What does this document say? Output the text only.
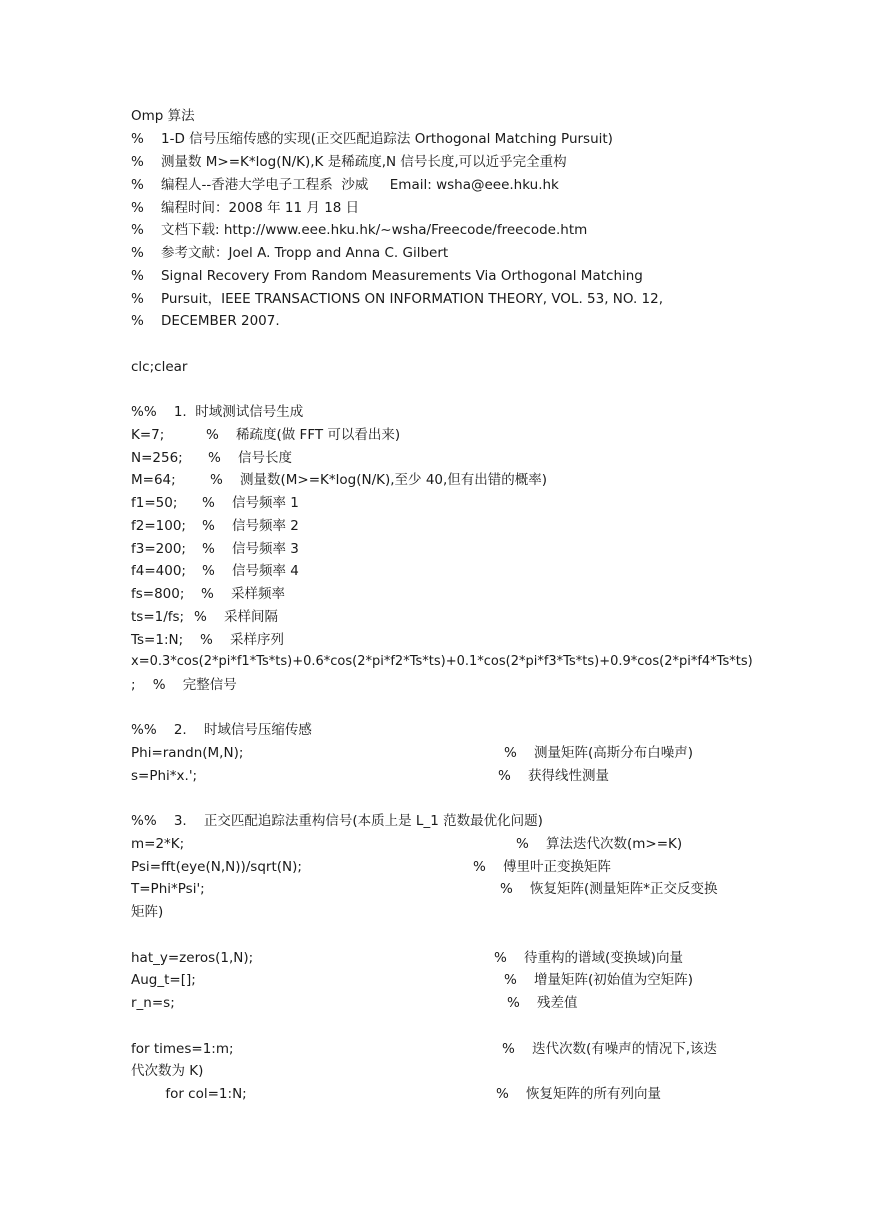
Omp 算法
%    1-D 信号压缩传感的实现(正交匹配追踪法 Orthogonal Matching Pursuit)
%    测量数 M>=K*log(N/K),K 是稀疏度,N 信号长度,可以近乎完全重构
%    编程人--香港大学电子工程系  沙威     Email: wsha@eee.hku.hk
%    编程时间：2008 年 11 月 18 日
%    文档下载: http://www.eee.hku.hk/~wsha/Freecode/freecode.htm
%    参考文献：Joel A. Tropp and Anna C. Gilbert
%    Signal Recovery From Random Measurements Via Orthogonal Matching
%    Pursuit，IEEE TRANSACTIONS ON INFORMATION THEORY, VOL. 53, NO. 12,
%    DECEMBER 2007.
clc;clear
%%    1.  时域测试信号生成
K=7;	%    稀疏度(做 FFT 可以看出来)
N=256; %    信号长度
M=64;	%    测量数(M>=K*log(N/K),至少 40,但有出错的概率)
f1=50; %    信号频率 1
f2=100; %    信号频率 2
f3=200; %    信号频率 3
f4=400; %    信号频率 4
fs=800; %    采样频率
ts=1/fs; %    采样间隔
Ts=1:N; %    采样序列
x=0.3*cos(2*pi*f1*Ts*ts)+0.6*cos(2*pi*f2*Ts*ts)+0.1*cos(2*pi*f3*Ts*ts)+0.9*cos(2*pi*f4*Ts*ts)
;    %    完整信号
%%    2.    时域信号压缩传感
Phi=randn(M,N);	%    测量矩阵(高斯分布白噪声)
s=Phi*x.';	%    获得线性测量
%%    3.    正交匹配追踪法重构信号(本质上是 L_1 范数最优化问题)
m=2*K;	%    算法迭代次数(m>=K)
Psi=fft(eye(N,N))/sqrt(N);	%    傅里叶正变换矩阵
T=Phi*Psi';	%    恢复矩阵(测量矩阵*正交反变换
矩阵)
hat_y=zeros(1,N);	%    待重构的谱域(变换域)向量
Aug_t=[];	%    增量矩阵(初始值为空矩阵)
r_n=s;	%    残差值
for times=1:m;	%    迭代次数(有噪声的情况下,该迭
代次数为 K)
for col=1:N;	%    恢复矩阵的所有列向量
